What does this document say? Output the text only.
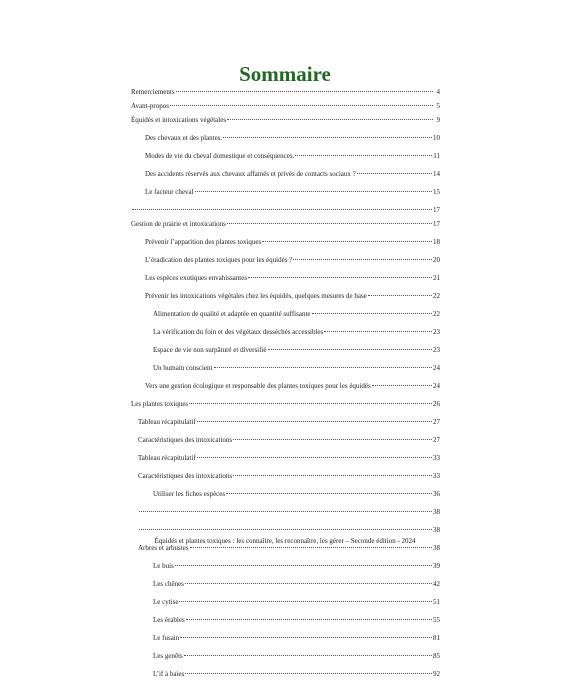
Sommaire
Remerciements	4
Avant-propos	5
Équidés et intoxications végétales	9
Des chevaux et des plantes.	10
Modes de vie du cheval domestique et conséquences.	11
Des accidents réservés aux chevaux affamés et privés de contacts sociaux ?	14
Le facteur cheval	15
17
Gestion de prairie et intoxications	17
Prévenir l’apparition des plantes toxiques	18
L’éradication des plantes toxiques pour les équidés ?	20
Les espèces exotiques envahissantes	21
Prévenir les intoxications végétales chez les équidés, quelques mesures de base	22
Alimentation de qualité et adaptée en quantité suffisante	22
La vérification du foin et des végétaux desséchés accessibles	23
Espace de vie non surpâturé et diversifié	23
Un humain conscient	24
Vers une gestion écologique et responsable des plantes toxiques pour les équidés	24
Les plantes toxiques	26
Tableau récapitulatif	27
Caractéristiques des intoxications	27
Tableau récapitulatif	33
Caractéristiques des intoxications	33
Utiliser les fiches espèces	36
38
38
Arbres et arbustes	38
Le buis	39
Les chênes	42
Le cytise	51
Les érables	55
Le fusain	81
Les genêts	85
L’if à baies	92
Équidés et plantes toxiques : les connaître, les reconnaître, les gérer – Seconde édition - 2024
